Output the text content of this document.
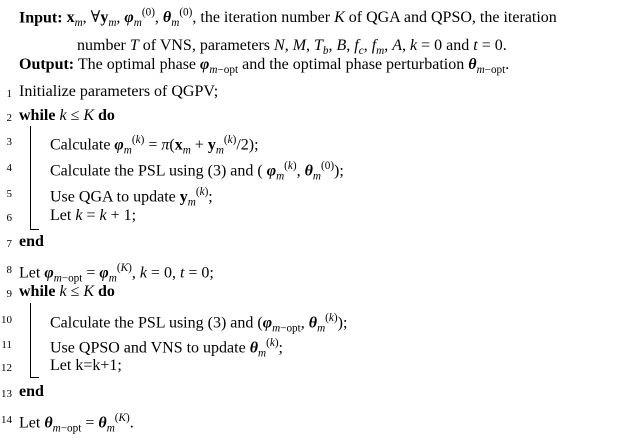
Input: $x_m$, $\forall y_m$, $\varphi_m^{(0)}$, $\theta_m^{(0)}$, the iteration number K of QGA and QPSO, the iteration
number T of VNS, parameters N, M, $T_b$, B, $f_c$, $f_m$, A, k = 0 and t = 0.
Output: The optimal phase $\varphi_{m-opt}$ and the optimal phase perturbation $\theta_{m-opt}$.
1 Initialize parameters of QGPV;
2 while k ≤ K do
3 Calculate $\varphi_m^{(k)} = \pi(x_m + y_m^{(k)}/2)$;
4 Calculate the PSL using (3) and ( $\varphi_m^{(k)}$, $\theta_m^{(0)}$);
5 Use QGA to update $y_m^{(k)}$;
6 Let k = k + 1;
7 end
8 Let $\varphi_{m-opt} = \varphi_m^{(K)}$, k = 0, t = 0;
9 while k ≤ K do
10 Calculate the PSL using (3) and ($\varphi_{m-opt}$, $\theta_m^{(k)}$);
11 Use QPSO and VNS to update $\theta_m^{(k)}$;
12 Let k=k+1;
13 end
14 Let $\theta_{m-opt} = \theta_m^{(K)}$.
